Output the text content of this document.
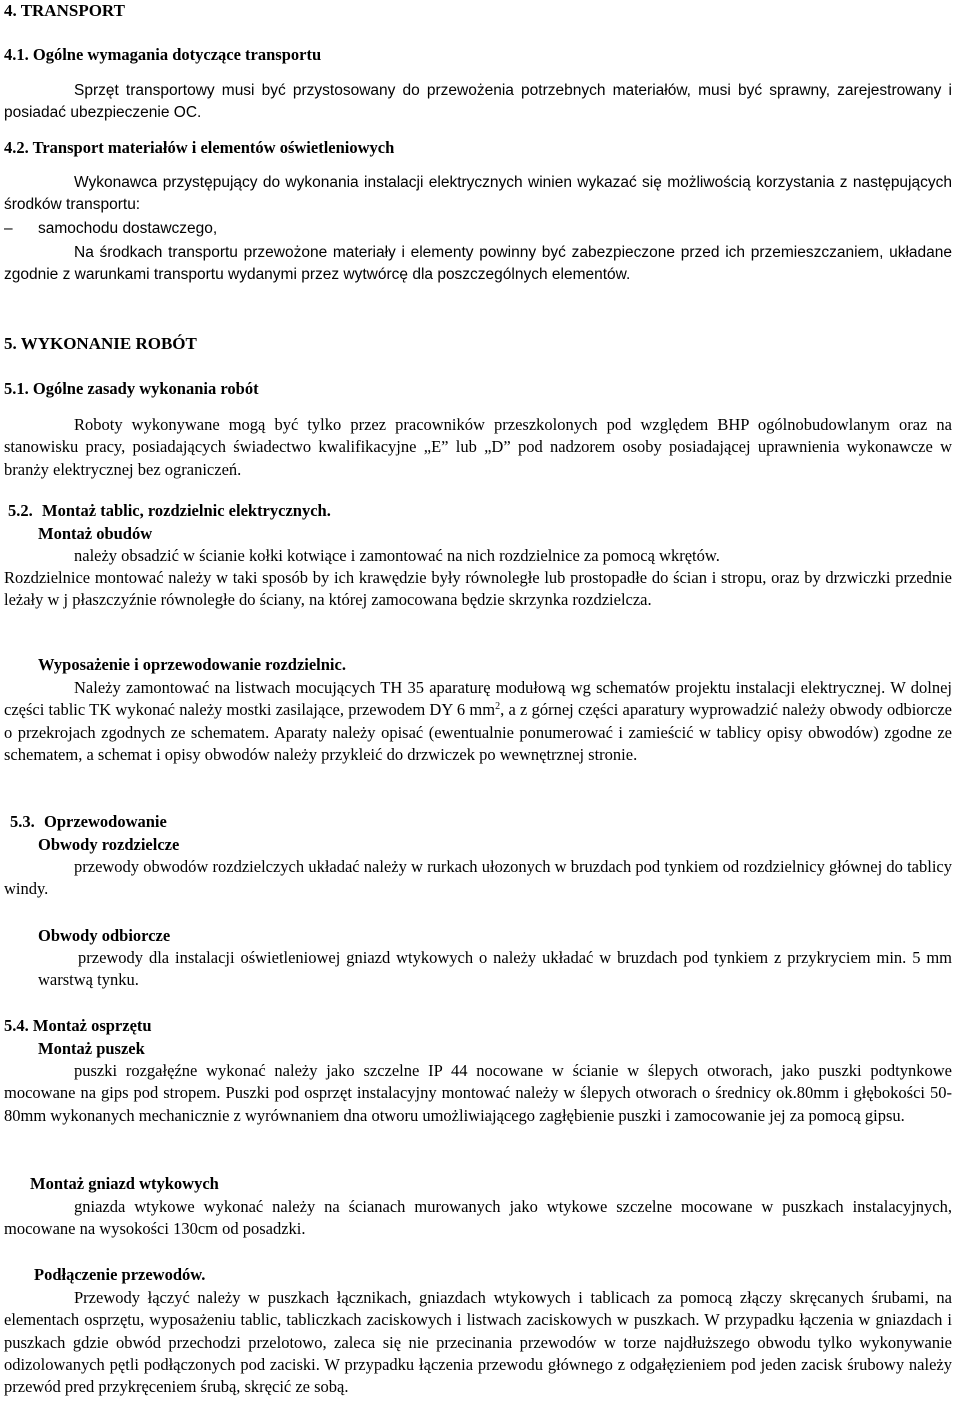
4. TRANSPORT
4.1. Ogólne wymagania dotyczące transportu

Sprzęt transportowy musi być przystosowany do przewożenia potrzebnych materiałów, musi być sprawny, zarejestrowany i posiadać ubezpieczenie OC.

4.2. Transport materiałów i elementów oświetleniowych

Wykonawca przystępujący do wykonania instalacji elektrycznych winien wykazać się możliwością korzystania z następujących środków transportu:

–	samochodu dostawczego,

Na środkach transportu przewożone materiały i elementy powinny być zabezpieczone przed ich przemieszczaniem, układane zgodnie z warunkami transportu wydanymi przez wytwórcę dla poszczególnych elementów.

5. WYKONANIE ROBÓT
5.1. Ogólne zasady wykonania robót

Roboty wykonywane mogą być tylko przez pracowników przeszkolonych pod względem BHP ogólnobudowlanym oraz na stanowisku pracy, posiadających świadectwo kwalifikacyjne „E” lub „D” pod nadzorem osoby posiadającej uprawnienia wykonawcze w branży elektrycznej bez ograniczeń.

5.2. Montaż tablic, rozdzielnic elektrycznych.
Montaż obudów

należy obsadzić w ścianie kołki kotwiące i zamontować na nich rozdzielnice za pomocą wkrętów.

Rozdzielnice montować należy w taki sposób by ich krawędzie były równoległe lub prostopadłe do ścian i stropu, oraz by drzwiczki przednie leżały w j płaszczyźnie równoległe do ściany, na której zamocowana będzie skrzynka rozdzielcza.

Wyposażenie i oprzewodowanie rozdzielnic.

Należy zamontować na listwach mocujących TH 35 aparaturę modułową wg schematów projektu instalacji elektrycznej. W dolnej części tablic TK wykonać należy mostki zasilające, przewodem DY 6 $mm^2$, a z górnej części aparatury wyprowadzić należy obwody odbiorcze o przekrojach zgodnych ze schematem. Aparaty należy opisać (ewentualnie ponumerować i zamieścić w tablicy opisy obwodów) zgodne ze schematem, a schemat i opisy obwodów należy przykleić do drzwiczek po wewnętrznej stronie.

5.3. Oprzewodowanie
Obwody rozdzielcze

przewody obwodów rozdzielczych układać należy w rurkach ułozonych w bruzdach pod tynkiem od rozdzielnicy głównej do tablicy windy.

Obwody odbiorcze

przewody dla instalacji oświetleniowej gniazd wtykowych o należy układać w bruzdach pod tynkiem z przykryciem min. 5 mm warstwą tynku.

5.4. Montaż osprzętu
Montaż puszek

puszki rozgałęźne wykonać należy jako szczelne IP 44 nocowane w ścianie w ślepych otworach, jako puszki podtynkowe mocowane na gips pod stropem. Puszki pod osprzęt instalacyjny montować należy w ślepych otworach o średnicy ok.80mm i głębokości 50-80mm wykonanych mechanicznie z wyrównaniem dna otworu umożliwiającego zagłębienie puszki i zamocowanie jej za pomocą gipsu.

Montaż gniazd wtykowych

gniazda wtykowe wykonać należy na ścianach murowanych jako wtykowe szczelne mocowane w puszkach instalacyjnych, mocowane na wysokości 130cm od posadzki.

Podłączenie przewodów.

Przewody łączyć należy w puszkach łącznikach, gniazdach wtykowych i tablicach za pomocą złączy skręcanych śrubami, na elementach osprzętu, wyposażeniu tablic, tabliczkach zaciskowych i listwach zaciskowych w puszkach. W przypadku łączenia w gniazdach i puszkach gdzie obwód przechodzi przelotowo, zaleca się nie przecinania przewodów w torze najdłuższego obwodu tylko wykonywanie odizolowanych pętli podłączonych pod zaciski. W przypadku łączenia przewodu głównego z odgałęzieniem pod jeden zacisk śrubowy należy przewód pred przykręceniem śrubą, skręcić ze sobą.
